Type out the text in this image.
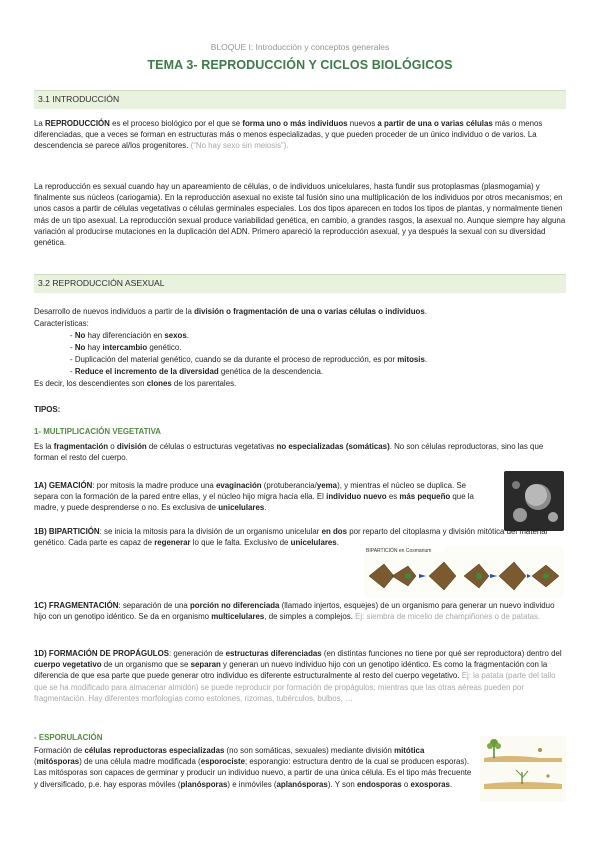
BLOQUE I: Introducción y conceptos generales
TEMA 3- REPRODUCCIÓN Y CICLOS BIOLÓGICOS
3.1 INTRODUCCIÓN

La REPRODUCCIÓN es el proceso biológico por el que se forma uno o más individuos nuevos a partir de una o varias células más o menos diferenciadas, que a veces se forman en estructuras más o menos especializadas, y que pueden proceder de un único individuo o de varios. La descendencia se parece al/los progenitores. (“No hay sexo sin meiosis”).

La reproducción es sexual cuando hay un apareamiento de células, o de individuos unicelulares, hasta fundir sus protoplasmas (plasmogamia) y finalmente sus núcleos (cariogamia). En la reproducción asexual no existe tal fusión sino una multiplicación de los individuos por otros mecanismos; en unos casos a partir de células vegetativas o células germinales especiales. Los dos tipos aparecen en todos los tipos de plantas, y normalmente tienen más de un tipo asexual. La reproducción sexual produce variabilidad genética, en cambio, a grandes rasgos, la asexual no. Aunque siempre hay alguna variación al producirse mutaciones en la duplicación del ADN. Primero apareció la reproducción asexual, y ya después la sexual con su diversidad genética.

3.2 REPRODUCCIÓN ASEXUAL

Desarrollo de nuevos individuos a partir de la división o fragmentación de una o varias células o individuos.

Características:

- No hay diferenciación en sexos.

- No hay intercambio genético.

- Duplicación del material genético, cuando se da durante el proceso de reproducción, es por mitosis.

- Reduce el incremento de la diversidad genética de la descendencia.

Es decir, los descendientes son clones de los parentales.

TIPOS:

1- MULTIPLICACIÓN VEGETATIVA

Es la fragmentación o división de células o estructuras vegetativas no especializadas (somáticas). No son células reproductoras, sino las que forman el resto del cuerpo.

1A) GEMACIÓN: por mitosis la madre produce una evaginación (protuberancia/yema), y mientras el núcleo se duplica. Se separa con la formación de la pared entre ellas, y el núcleo hijo migra hacia ella. El individuo nuevo es más pequeño que la madre, y puede desprenderse o no. Es exclusiva de unicelulares.

1B) BIPARTICIÓN: se inicia la mitosis para la división de un organismo unicelular en dos por reparto del citoplasma y división mitótica del material genético. Cada parte es capaz de regenerar lo que le falta. Exclusivo de unicelulares.

BIPARTICIÓN en Cosmarium

1C) FRAGMENTACIÓN: separación de una porción no diferenciada (llamado injertos, esquejes) de un organismo para generar un nuevo individuo hijo con un genotipo idéntico. Se da en organismo multicelulares, de simples a complejos. Ej: siembra de micelio de champiñones o de patatas.

1D) FORMACIÓN DE PROPÁGULOS: generación de estructuras diferenciadas (en distintas funciones no tiene por qué ser reproductora) dentro del cuerpo vegetativo de un organismo que se separan y generan un nuevo individuo hijo con un genotipo idéntico. Es como la fragmentación con la diferencia de que esa parte que puede generar otro individuo es diferente estructuralmente al resto del cuerpo vegetativo. Ej: la patata (parte del tallo que se ha modificado para almacenar almidón) se puede reproducir por formación de propágulos; mientras que las otras aéreas pueden por fragmentación. Hay diferentes morfologías como estolones, rizomas, tubérculos, bulbos, …

- ESPORULACIÓN

Formación de células reproductoras especializadas (no son somáticas, sexuales) mediante división mitótica (mitósporas) de una célula madre modificada (esporociste; esporangio: estructura dentro de la cual se producen esporas). Las mitósporas son capaces de germinar y producir un individuo nuevo, a partir de una única célula. Es el tipo más frecuente y diversificado, p.e. hay esporas móviles (planósporas) e inmóviles (aplanósporas). Y son endosporas o exosporas.
